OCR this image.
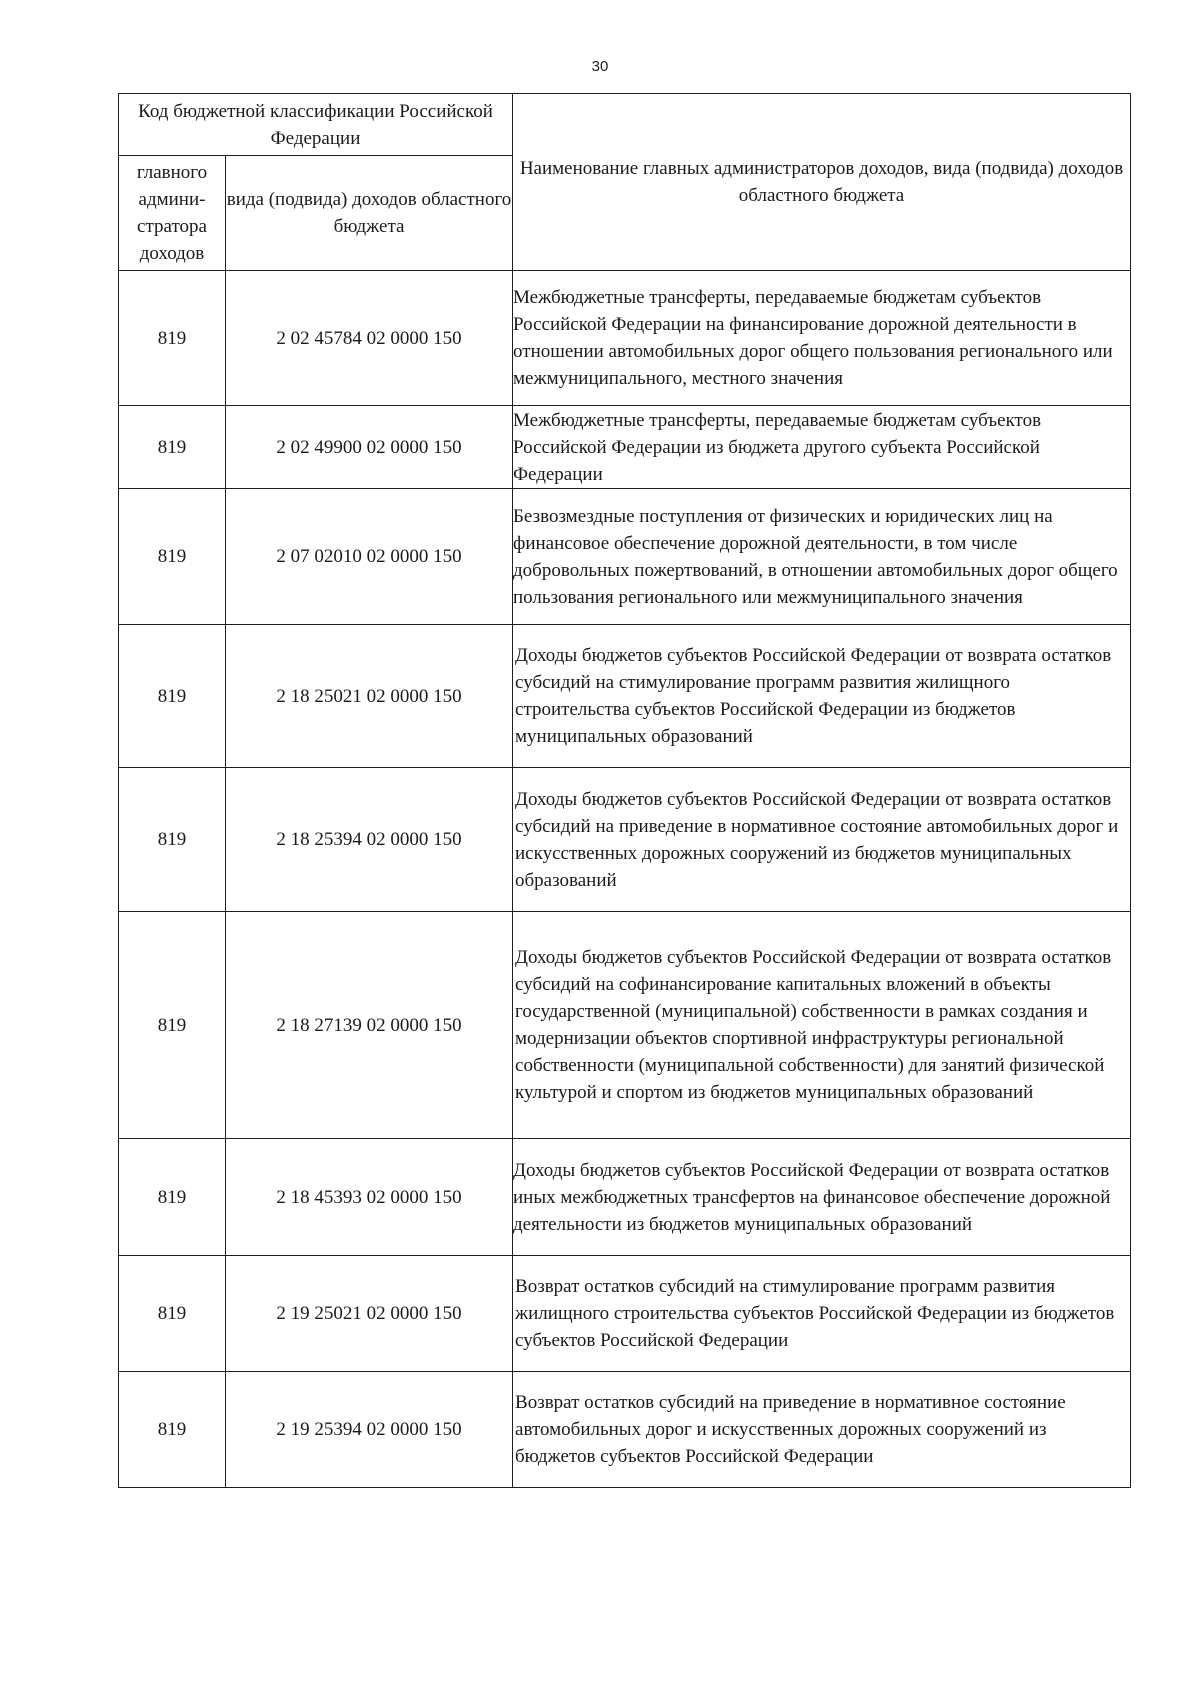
30
Код бюджетной классификации Российской Федерации		Наименование главных администраторов доходов, вида (подвида) доходов областного бюджета
главного админи-стратора доходов	вида (подвида) доходов областного бюджета	
819	2 02 45784 02 0000 150	Межбюджетные трансферты, передаваемые бюджетам субъектов Российской Федерации на финансирование дорожной деятельности в отношении автомобильных дорог общего пользования регионального или межмуниципального, местного значения
819	2 02 49900 02 0000 150	Межбюджетные трансферты, передаваемые бюджетам субъектов Российской Федерации из бюджета другого субъекта Российской Федерации
819	2 07 02010 02 0000 150	Безвозмездные поступления от физических и юридических лиц на финансовое обеспечение дорожной деятельности, в том числе добровольных пожертвований, в отношении автомобильных дорог общего пользования регионального или межмуниципального значения
819	2 18 25021 02 0000 150	Доходы бюджетов субъектов Российской Федерации от возврата остатков субсидий на стимулирование программ развития жилищного строительства субъектов Российской Федерации из бюджетов муниципальных образований
819	2 18 25394 02 0000 150	Доходы бюджетов субъектов Российской Федерации от возврата остатков субсидий на приведение в нормативное состояние автомобильных дорог и искусственных дорожных сооружений из бюджетов муниципальных образований
819	2 18 27139 02 0000 150	Доходы бюджетов субъектов Российской Федерации от возврата остатков субсидий на софинансирование капитальных вложений в объекты государственной (муниципальной) собственности в рамках создания и модернизации объектов спортивной инфраструктуры региональной собственности (муниципальной собственности) для занятий физической культурой и спортом из бюджетов муниципальных образований
819	2 18 45393 02 0000 150	Доходы бюджетов субъектов Российской Федерации от возврата остатков иных межбюджетных трансфертов на финансовое обеспечение дорожной деятельности из бюджетов муниципальных образований
819	2 19 25021 02 0000 150	Возврат остатков субсидий на стимулирование программ развития жилищного строительства субъектов Российской Федерации из бюджетов субъектов Российской Федерации
819	2 19 25394 02 0000 150	Возврат остатков субсидий на приведение в нормативное состояние автомобильных дорог и искусственных дорожных сооружений из бюджетов субъектов Российской Федерации
